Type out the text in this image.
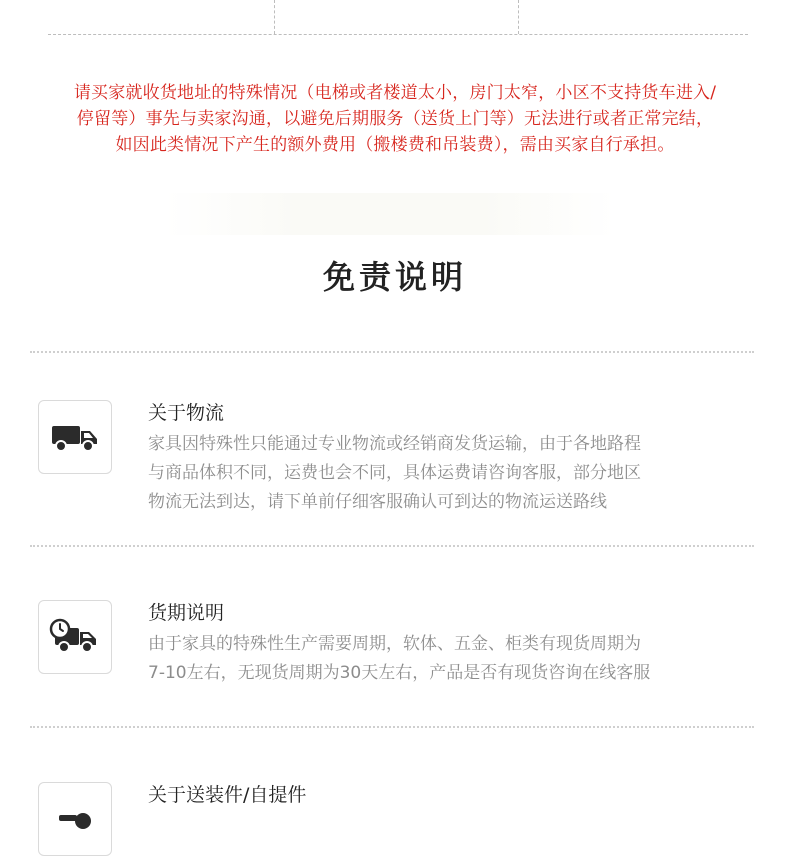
请买家就收货地址的特殊情况（电梯或者楼道太小，房门太窄，小区不支持货车进入/
停留等）事先与卖家沟通，以避免后期服务（送货上门等）无法进行或者正常完结，
如因此类情况下产生的额外费用（搬楼费和吊装费），需由买家自行承担。
免责说明
关于物流
家具因特殊性只能通过专业物流或经销商发货运输，由于各地路程
与商品体积不同，运费也会不同，具体运费请咨询客服，部分地区
物流无法到达，请下单前仔细客服确认可到达的物流运送路线
货期说明
由于家具的特殊性生产需要周期，软体、五金、柜类有现货周期为
7-10左右，无现货周期为30天左右，产品是否有现货咨询在线客服
关于送装件/自提件
